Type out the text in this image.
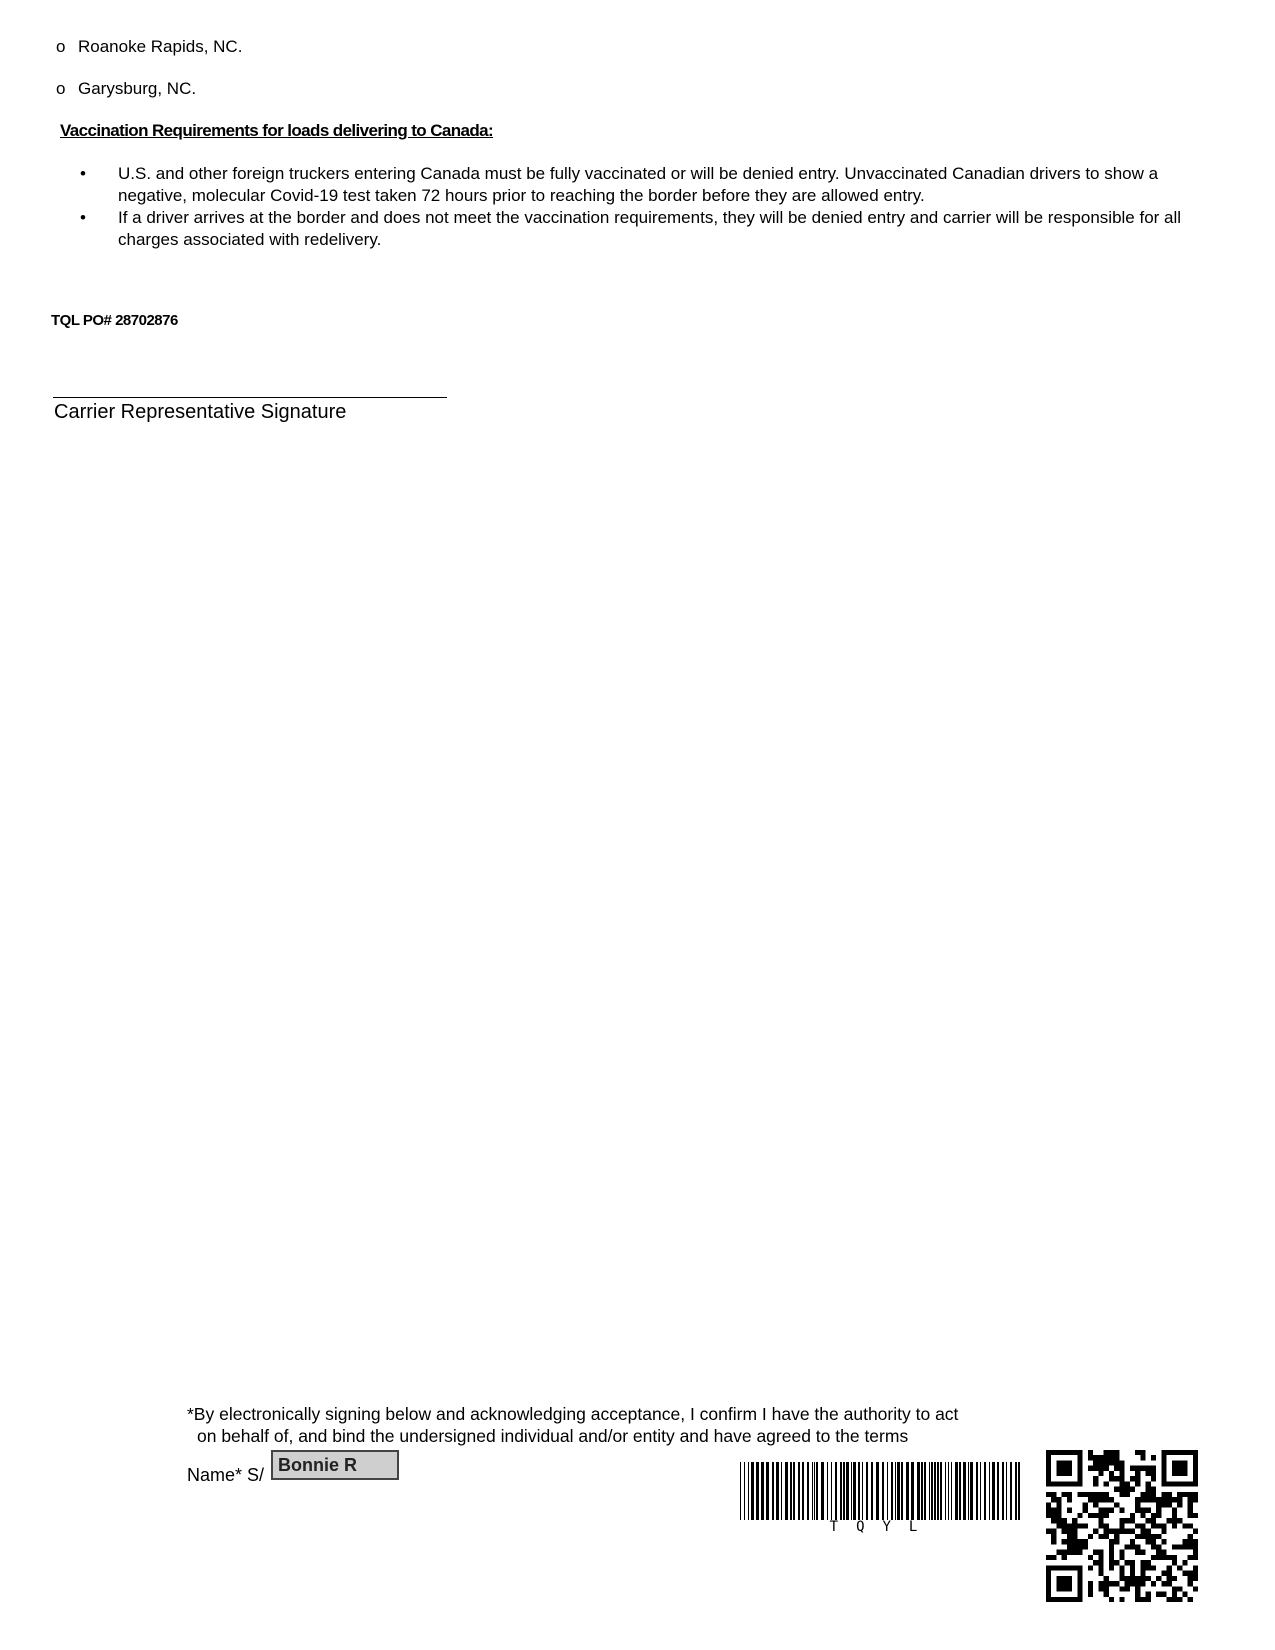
o Roanoke Rapids, NC.
o Garysburg, NC.
Vaccination Requirements for loads delivering to Canada:

• U.S. and other foreign truckers entering Canada must be fully vaccinated or will be denied entry. Unvaccinated Canadian drivers to show a negative, molecular Covid-19 test taken 72 hours prior to reaching the border before they are allowed entry.

• If a driver arrives at the border and does not meet the vaccination requirements, they will be denied entry and carrier will be responsible for all charges associated with redelivery.

TQL PO# 28702876
Carrier Representative Signature
*By electronically signing below and acknowledging acceptance, I confirm I have the authority to act
on behalf of, and bind the undersigned individual and/or entity and have agreed to the terms
Name* S/ Bonnie R
TQYL
